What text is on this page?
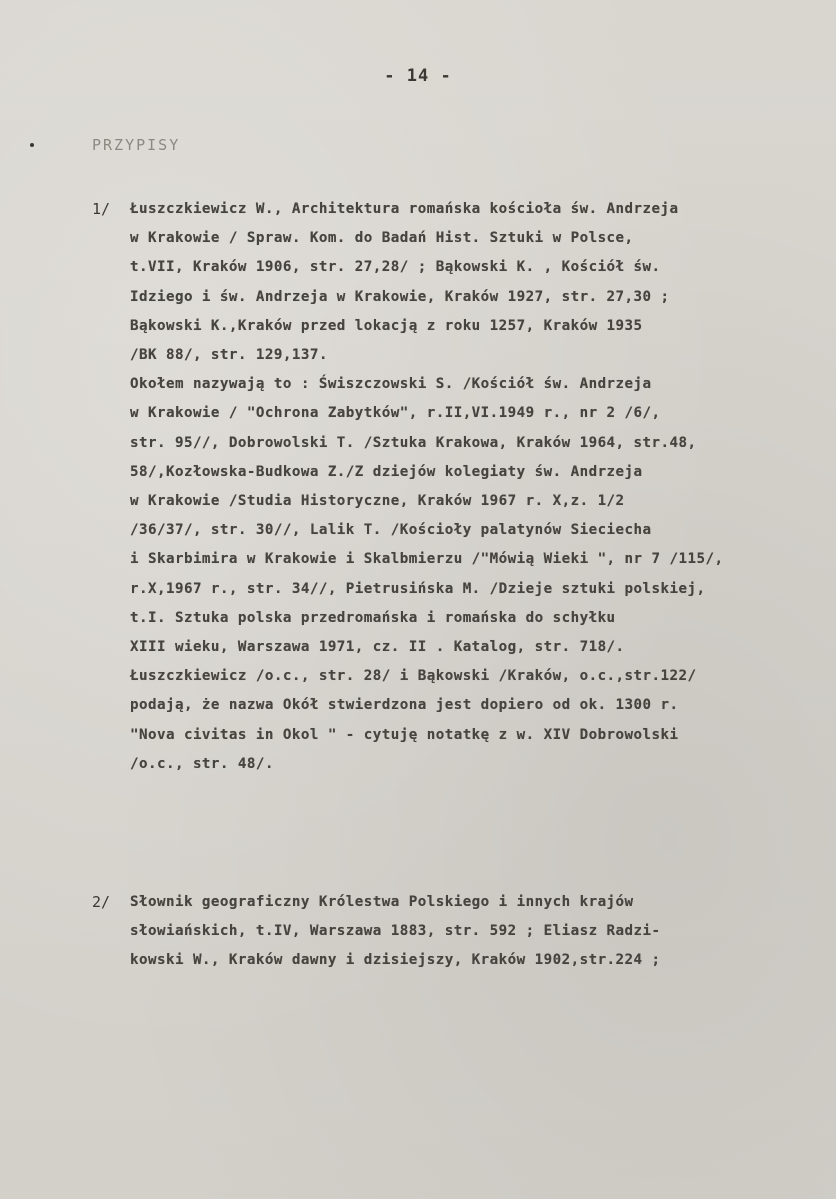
- 14 -
PRZYPISY
1/ Łuszczkiewicz W., Architektura romańska kościoła św. Andrzeja
w Krakowie / Spraw. Kom. do Badań Hist. Sztuki w Polsce,
t.VII, Kraków 1906, str. 27,28/ ; Bąkowski K. , Kościół św.
Idziego i św. Andrzeja w Krakowie, Kraków 1927, str. 27,30 ;
Bąkowski K.,Kraków przed lokacją z roku 1257, Kraków 1935
/BK 88/, str. 129,137.
Okołem nazywają to : Świszczowski S. /Kościół św. Andrzeja
w Krakowie / "Ochrona Zabytków", r.II,VI.1949 r., nr 2 /6/,
str. 95//, Dobrowolski T. /Sztuka Krakowa, Kraków 1964, str.48,
58/,Kozłowska-Budkowa Z./Z dziejów kolegiaty św. Andrzeja
w Krakowie /Studia Historyczne, Kraków 1967 r. X,z. 1/2
/36/37/, str. 30//, Lalik T. /Kościoły palatynów Sieciecha
i Skarbimira w Krakowie i Skalbmierzu /"Mówią Wieki ", nr 7 /115/,
r.X,1967 r., str. 34//, Pietrusińska M. /Dzieje sztuki polskiej,
t.I. Sztuka polska przedromańska i romańska do schyłku
XIII wieku, Warszawa 1971, cz. II . Katalog, str. 718/.
Łuszczkiewicz /o.c., str. 28/ i Bąkowski /Kraków, o.c.,str.122/
podają, że nazwa Okół stwierdzona jest dopiero od ok. 1300 r.
"Nova civitas in Okol " - cytuję notatkę z w. XIV Dobrowolski
/o.c., str. 48/.
2/ Słownik geograficzny Królestwa Polskiego i innych krajów
słowiańskich, t.IV, Warszawa 1883, str. 592 ; Eliasz Radzi-
kowski W., Kraków dawny i dzisiejszy, Kraków 1902,str.224 ;
